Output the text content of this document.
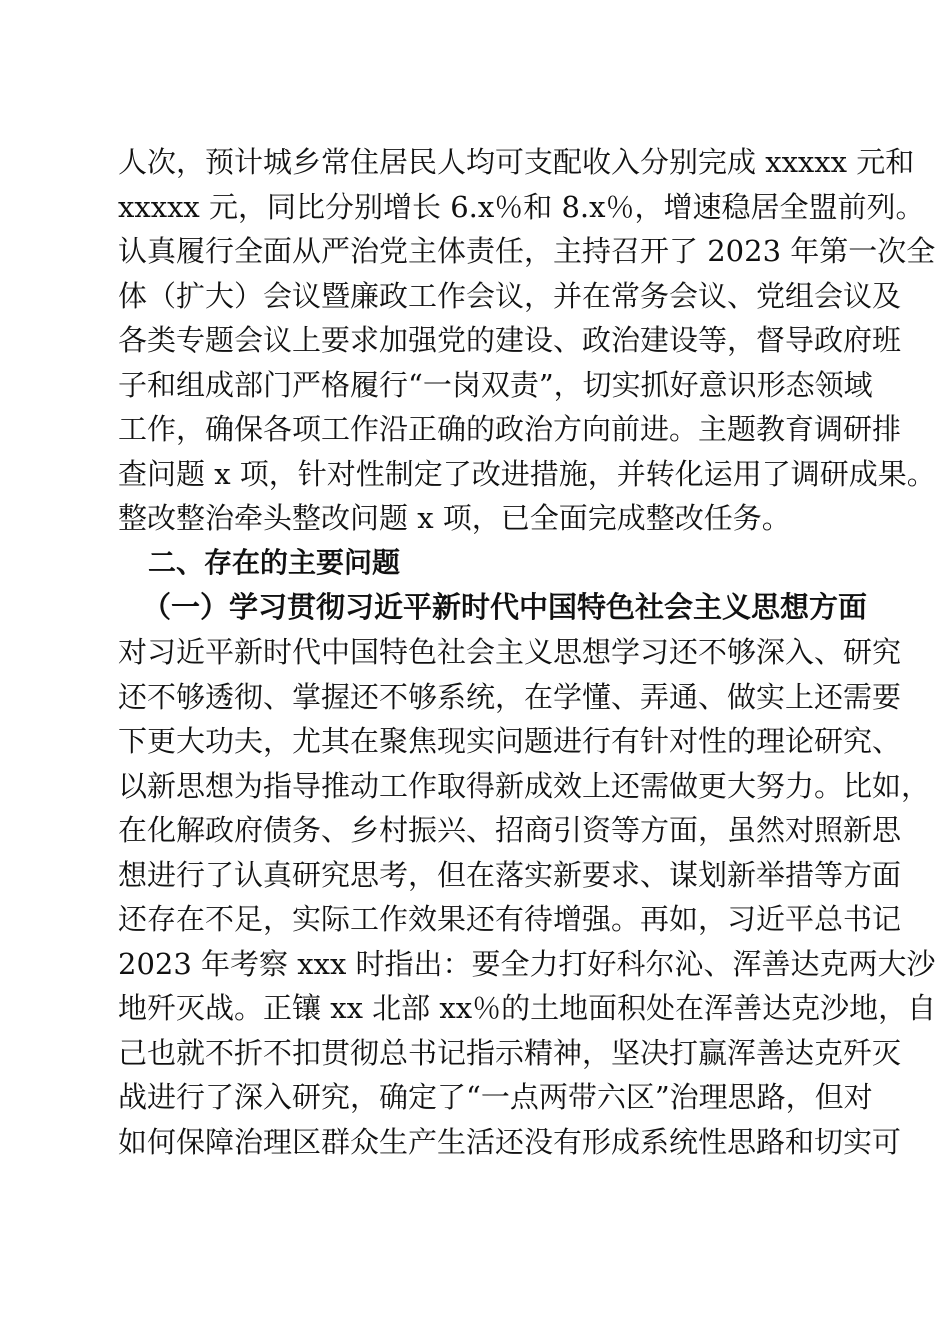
人次，预计城乡常住居民人均可支配收入分别完成 xxxxx 元和
xxxxx 元，同比分别增长 6.x％和 8.x％，增速稳居全盟前列。
认真履行全面从严治党主体责任，主持召开了 2023 年第一次全
体（扩大）会议暨廉政工作会议，并在常务会议、党组会议及
各类专题会议上要求加强党的建设、政治建设等，督导政府班
子和组成部门严格履行“一岗双责”，切实抓好意识形态领域
工作，确保各项工作沿正确的政治方向前进。主题教育调研排
查问题 x 项，针对性制定了改进措施，并转化运用了调研成果。
整改整治牵头整改问题 x 项，已全面完成整改任务。
二、存在的主要问题
（一）学习贯彻习近平新时代中国特色社会主义思想方面
对习近平新时代中国特色社会主义思想学习还不够深入、研究
还不够透彻、掌握还不够系统，在学懂、弄通、做实上还需要
下更大功夫，尤其在聚焦现实问题进行有针对性的理论研究、
以新思想为指导推动工作取得新成效上还需做更大努力。比如，
在化解政府债务、乡村振兴、招商引资等方面，虽然对照新思
想进行了认真研究思考，但在落实新要求、谋划新举措等方面
还存在不足，实际工作效果还有待增强。再如，习近平总书记
2023 年考察 xxx 时指出：要全力打好科尔沁、浑善达克两大沙
地歼灭战。正镶 xx 北部 xx％的土地面积处在浑善达克沙地，自
己也就不折不扣贯彻总书记指示精神，坚决打赢浑善达克歼灭
战进行了深入研究，确定了“一点两带六区”治理思路，但对
如何保障治理区群众生产生活还没有形成系统性思路和切实可
